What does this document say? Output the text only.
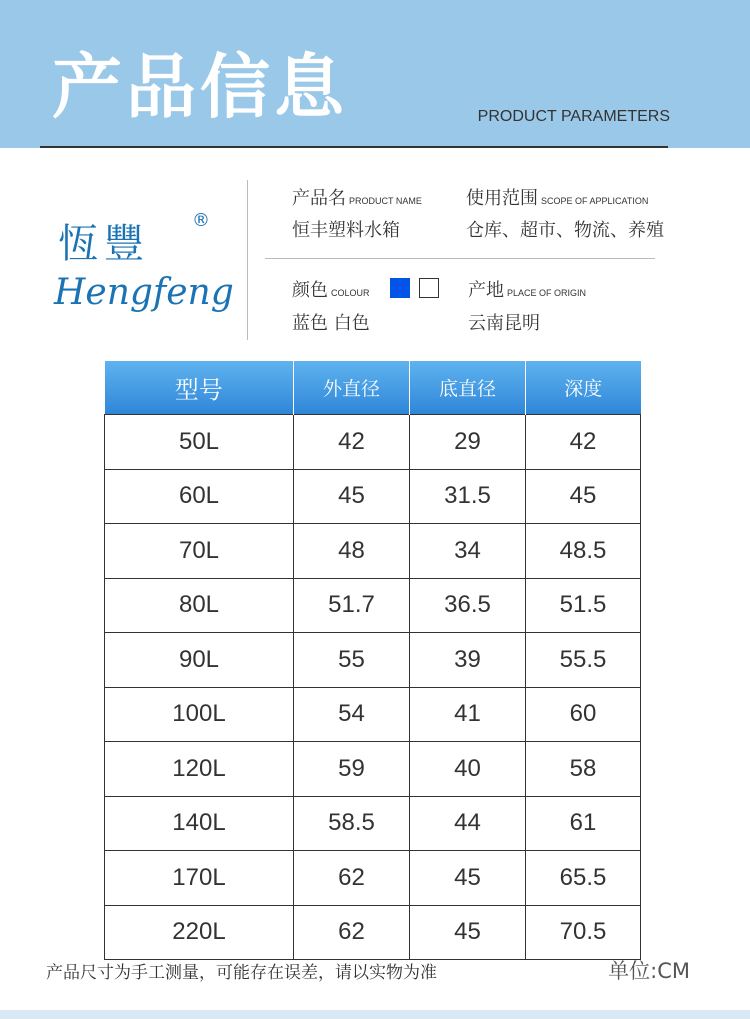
产品信息	PRODUCT PARAMETERS
恆豐
®
Hengfeng
产品名 PRODUCT NAME
恒丰塑料水箱
使用范围 SCOPE OF APPLICATION
仓库、超市、物流、养殖
颜色 COLOUR
蓝色 白色
产地 PLACE OF ORIGIN
云南昆明
型号	外直径	底直径	深度
50L	42	29	42
60L	45	31.5	45
70L	48	34	48.5
80L	51.7	36.5	51.5
90L	55	39	55.5
100L	54	41	60
120L	59	40	58
140L	58.5	44	61
170L	62	45	65.5
220L	62	45	70.5
产品尺寸为手工测量，可能存在误差，请以实物为准	单位:CM
